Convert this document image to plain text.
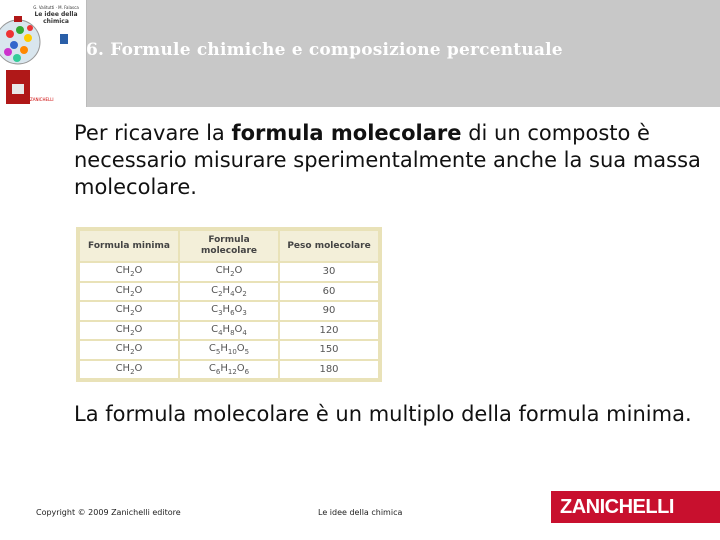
G. Valitutti · M. Falasca
Le idee della chimica
ZANICHELLI
6. Formule chimiche e composizione percentuale
Per ricavare la formula molecolare di un composto è necessario misurare sperimentalmente anche la sua massa molecolare.
Formula minima	Formula molecolare	Peso molecolare
$CH_2O$	$CH_2O$	30
$CH_2O$	$C_2H_4O_2$	60
$CH_2O$	$C_3H_6O_3$	90
$CH_2O$	$C_4H_8O_4$	120
$CH_2O$	$C_5H_{10}O_5$	150
$CH_2O$	$C_6H_{12}O_6$	180
La formula molecolare è un multiplo della formula minima.
Copyright © 2009 Zanichelli editore	Le idee della chimica	ZANICHELLI
